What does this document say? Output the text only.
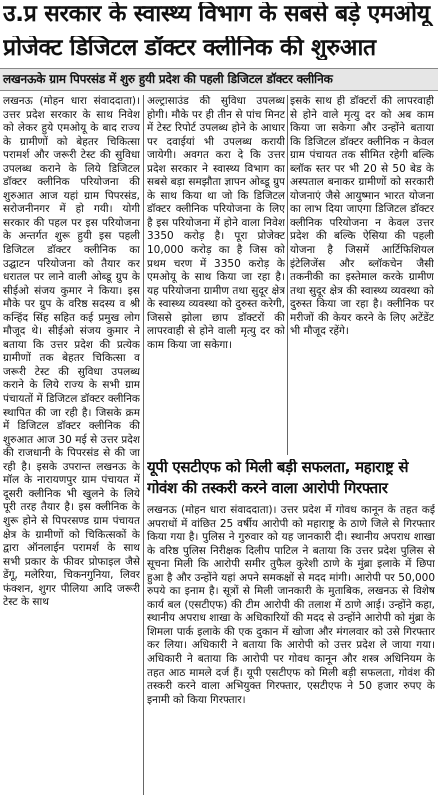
उ.प्र सरकार के स्वास्थ्य विभाग के सबसे बड़े एमओयू
प्रोजेक्ट डिजिटल डॉक्टर क्लीनिक की शुरुआत
लखनऊके ग्राम पिपरसंड में शुरु हुयी प्रदेश की पहली डिजिटल डॉक्टर क्लीनिक

लखनऊ (मोहन धारा संवाददाता)। उत्तर प्रदेश सरकार के साथ निवेश को लेकर हुये एमओयू के बाद राज्य के ग्रामीणों को बेहतर चिकित्सा परामर्श और जरूरी टेस्ट की सुविधा उपलब्ध कराने के लिये डिजिटल डॉक्टर क्लीनिक परियोजना की शुरुआत आज यहां ग्राम पिपरसंड, सरोजनीनगर में हो गयी। योगी सरकार की पहल पर इस परियोजना के अन्तर्गत शुरू हुयी इस पहली डिजिटल डॉक्टर क्लीनिक का उद्घाटन परियोजना को तैयार कर धरातल पर लाने वाली ओब्डू ग्रुप के सीईओ संजय कुमार ने किया। इस मौके पर ग्रुप के वरिष्ठ सदस्य व श्री कन्हिंद सिंह सहित कई प्रमुख लोग मौजूद थे। सीईओ संजय कुमार ने बताया कि उत्तर प्रदेश की प्रत्येक ग्रामीणों तक बेहतर चिकित्सा व जरूरी टेस्ट की सुविधा उपलब्ध कराने के लिये राज्य के सभी ग्राम पंचायतों में डिजिटल डॉक्टर क्लीनिक स्थापित की जा रही है। जिसके क्रम में डिजिटल डॉक्टर क्लीनिक की शुरुआत आज 30 मई से उत्तर प्रदेश की राजधानी के पिपरसंड से की जा रही है। इसके उपरान्त लखनऊ के मॉल के नारायणपुर ग्राम पंचायत में दूसरी क्लीनिक भी खुलने के लिये पूरी तरह तैयार है। इस क्लीनिक के शुरू होने से पिपरसण्ड ग्राम पंचायत क्षेत्र के ग्रामीणों को चिकित्सकों के द्वारा ऑनलाईन परामर्श के साथ सभी प्रकार के फीवर प्रोफाइल जैसे डेंगू, मलेरिया, चिकनगुनिया, लिवर फंक्शन, शुगर पीलिया आदि जरूरी टेस्ट के साथ

अल्ट्रासाउंड की सुविधा उपलब्ध होगी। मौके पर ही तीन से पांच मिनट में टेस्ट रिपोर्ट उपलब्ध होने के आधार पर दवाईयां भी उपलब्ध करायी जायेगी। अवगत करा दे कि उत्तर प्रदेश सरकार ने स्वास्थ्य विभाग का सबसे बड़ा समझौता ज्ञापन ओब्डू ग्रुप के साथ किया था जो कि डिजिटल डॉक्टर क्लीनिक परियोजना के लिए है इस परियोजना में होने वाला निवेश 3350 करोड़ है। पूरा प्रोजेक्ट 10,000 करोड़ का है जिस को प्रथम चरण में 3350 करोड़ के एमओयू के साथ किया जा रहा है। यह परियोजना ग्रामीण तथा सुदूर क्षेत्र के स्वास्थ्य व्यवस्था को दुरुस्त करेगी, जिससे झोला छाप डॉक्टरों की लापरवाही से होने वाली मृत्यु दर को काम किया जा सकेगा।

इसके साथ ही डॉक्टरों की लापरवाही से होने वाले मृत्यु दर को अब काम किया जा सकेगा और उन्होंने बताया कि डिजिटल डॉक्टर क्लीनिक न केवल ग्राम पंचायत तक सीमित रहेगी बल्कि ब्लॉक स्तर पर भी 20 से 50 बेड के अस्पताल बनाकर ग्रामीणों को सरकारी योजनाएं जैसे आयुष्मान भारत योजना का लाभ दिया जाएगा डिजिटल डॉक्टर क्लीनिक परियोजना न केवल उत्तर प्रदेश की बल्कि ऐसिया की पहली योजना है जिसमें आर्टिफिशियल इंटेलिजेंस और ब्लॉकचेन जैसी तकनीकी का इस्तेमाल करके ग्रामीण तथा सुदूर क्षेत्र की स्वास्थ्य व्यवस्था को दुरुस्त किया जा रहा है। क्लीनिक पर मरीजों की केयर करने के लिए अटेंडेंट भी मौजूद रहेंगे।

यूपी एसटीएफ को मिली बड़ी सफलता, महाराष्ट्र से
गोवंश की तस्करी करने वाला आरोपी गिरफ्तार

लखनऊ (मोहन धारा संवाददाता)। उत्तर प्रदेश में गोवध कानून के तहत कई अपराधों में वांछित 25 वर्षीय आरोपी को महाराष्ट्र के ठाणे जिले से गिरफ्तार किया गया है। पुलिस ने गुरुवार को यह जानकारी दी। स्थानीय अपराध शाखा के वरिष्ठ पुलिस निरीक्षक दिलीप पाटिल ने बताया कि उत्तर प्रदेश पुलिस से सूचना मिली कि आरोपी समीर तुफैल कुरेशी ठाणे के मुंब्रा इलाके में छिपा हुआ है और उन्होंने यहां अपने समकक्षों से मदद मांगी। आरोपी पर 50,000 रुपये का इनाम है। सूत्रों से मिली जानकारी के मुताबिक, लखनऊ से विशेष कार्य बल (एसटीएफ) की टीम आरोपी की तलाश में ठाणे आई। उन्होंने कहा, स्थानीय अपराध शाखा के अधिकारियों की मदद से उन्होंने आरोपी को मुंब्रा के शिमला पार्क इलाके की एक दुकान में खोजा और मंगलवार को उसे गिरफ्तार कर लिया। अधिकारी ने बताया कि आरोपी को उत्तर प्रदेश ले जाया गया। अधिकारी ने बताया कि आरोपी पर गोवध कानून और शस्त्र अधिनियम के तहत आठ मामले दर्ज हैं। यूपी एसटीएफ को मिली बड़ी सफलता, गोवंश की तस्करी करने वाला अभियुक्त गिरफ्तार, एसटीएफ ने 50 हजार रुपए के इनामी को किया गिरफ्तार।
